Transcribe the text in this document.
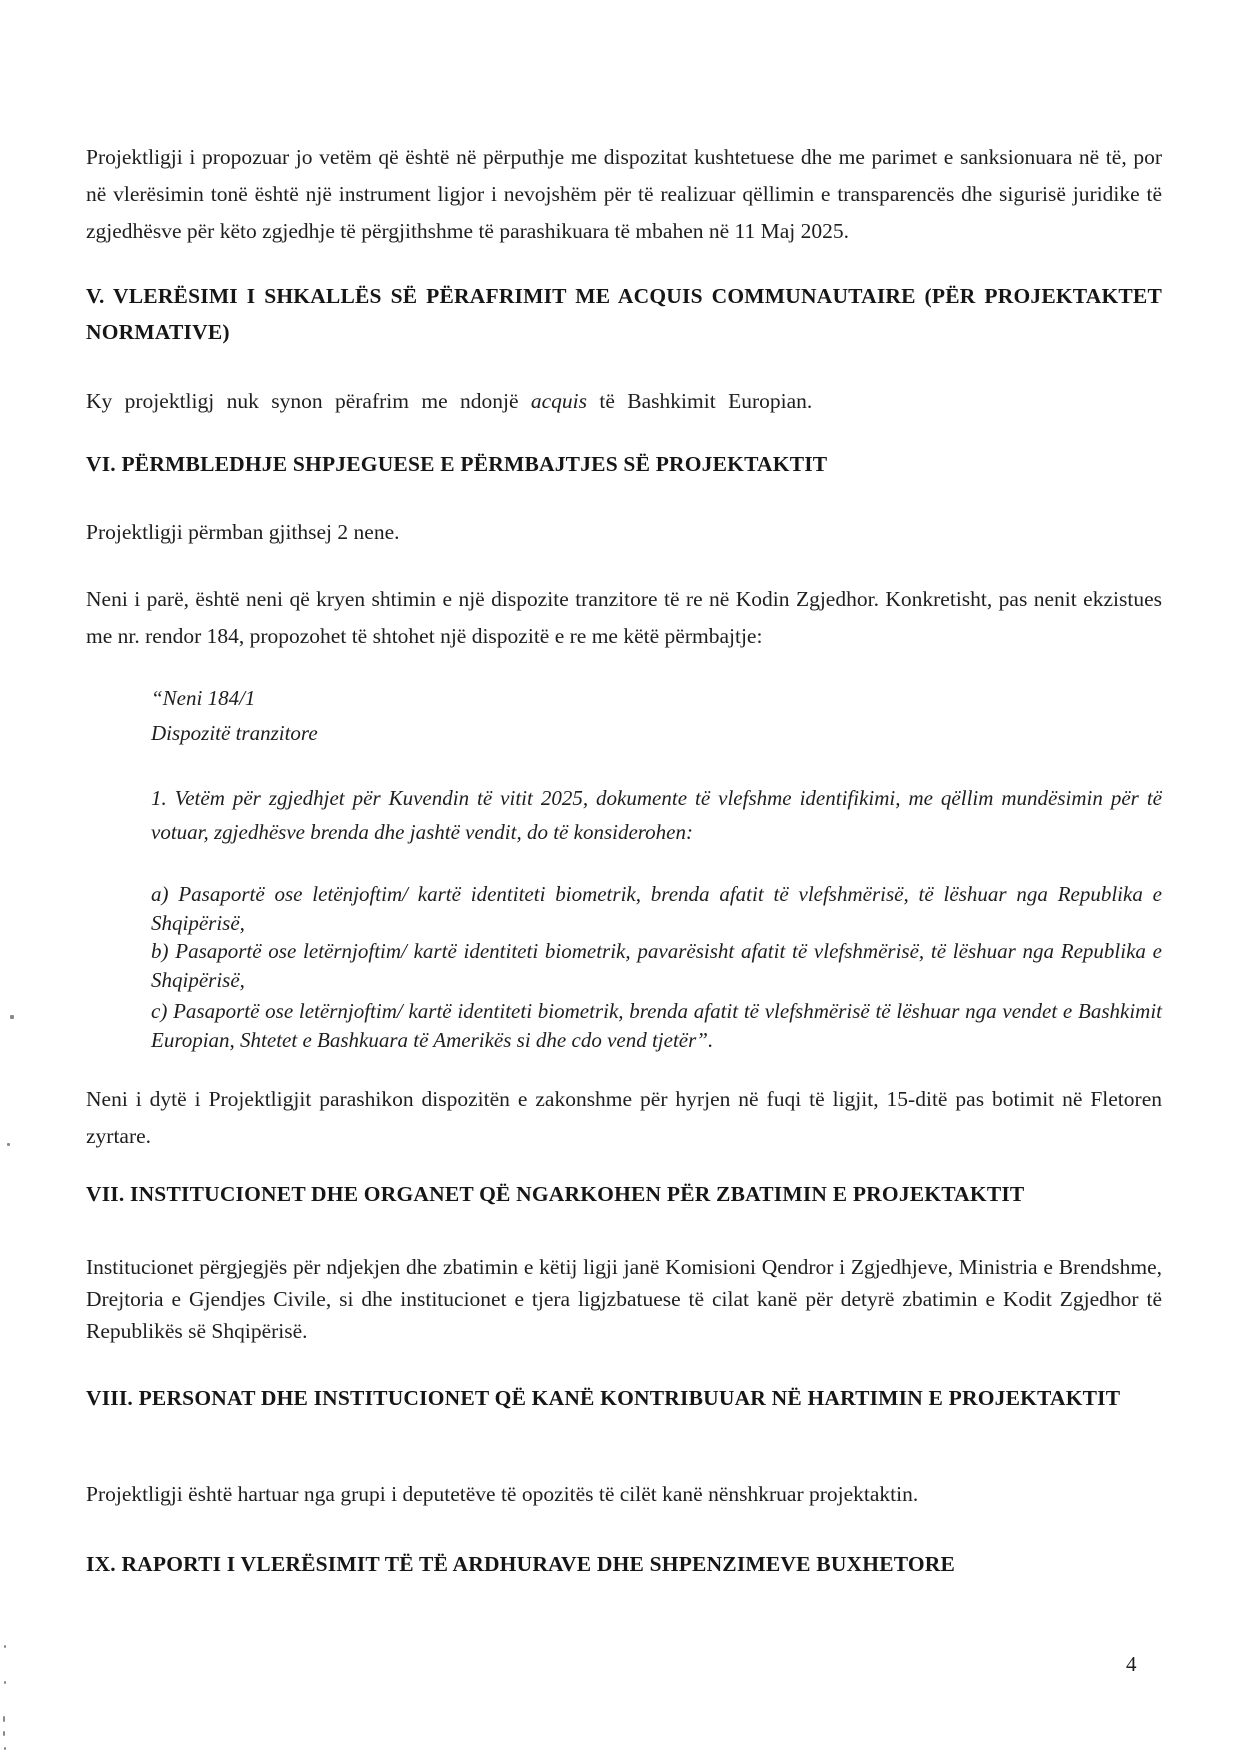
Projektligji i propozuar jo vetëm që është në përputhje me dispozitat kushtetuese dhe me parimet e sanksionuara në të, por në vlerësimin tonë është një instrument ligjor i nevojshëm për të realizuar qëllimin e transparencës dhe sigurisë juridike të zgjedhësve për këto zgjedhje të përgjithshme të parashikuara të mbahen në 11 Maj 2025.

V. VLERËSIMI I SHKALLËS SË PËRAFRIMIT ME ACQUIS COMMUNAUTAIRE (PËR PROJEKTAKTET NORMATIVE)

Ky projektligj nuk synon përafrim me ndonjë acquis të Bashkimit Europian.

VI. PËRMBLEDHJE SHPJEGUESE E PËRMBAJTJES SË PROJEKTAKTIT

Projektligji përmban gjithsej 2 nene.

Neni i parë, është neni që kryen shtimin e një dispozite tranzitore të re në Kodin Zgjedhor. Konkretisht, pas nenit ekzistues me nr. rendor 184, propozohet të shtohet një dispozitë e re me këtë përmbajtje:

“Neni 184/1

Dispozitë tranzitore

1. Vetëm për zgjedhjet për Kuvendin të vitit 2025, dokumente të vlefshme identifikimi, me qëllim mundësimin për të votuar, zgjedhësve brenda dhe jashtë vendit, do të konsiderohen:

a) Pasaportë ose letënjoftim/ kartë identiteti biometrik, brenda afatit të vlefshmërisë, të lëshuar nga Republika e Shqipërisë,

b) Pasaportë ose letërnjoftim/ kartë identiteti biometrik, pavarësisht afatit të vlefshmërisë, të lëshuar nga Republika e Shqipërisë,

c) Pasaportë ose letërnjoftim/ kartë identiteti biometrik, brenda afatit të vlefshmërisë të lëshuar nga vendet e Bashkimit Europian, Shtetet e Bashkuara të Amerikës si dhe cdo vend tjetër”.

Neni i dytë i Projektligjit parashikon dispozitën e zakonshme për hyrjen në fuqi të ligjit, 15-ditë pas botimit në Fletoren zyrtare.

VII. INSTITUCIONET DHE ORGANET QË NGARKOHEN PËR ZBATIMIN E PROJEKTAKTIT

Institucionet përgjegjës për ndjekjen dhe zbatimin e këtij ligji janë Komisioni Qendror i Zgjedhjeve, Ministria e Brendshme, Drejtoria e Gjendjes Civile, si dhe institucionet e tjera ligjzbatuese të cilat kanë për detyrë zbatimin e Kodit Zgjedhor të Republikës së Shqipërisë.

VIII. PERSONAT DHE INSTITUCIONET QË KANË KONTRIBUUAR NË HARTIMIN E PROJEKTAKTIT

Projektligji është hartuar nga grupi i deputetëve të opozitës të cilët kanë nënshkruar projektaktin.

IX. RAPORTI I VLERËSIMIT TË TË ARDHURAVE DHE SHPENZIMEVE BUXHETORE
4
